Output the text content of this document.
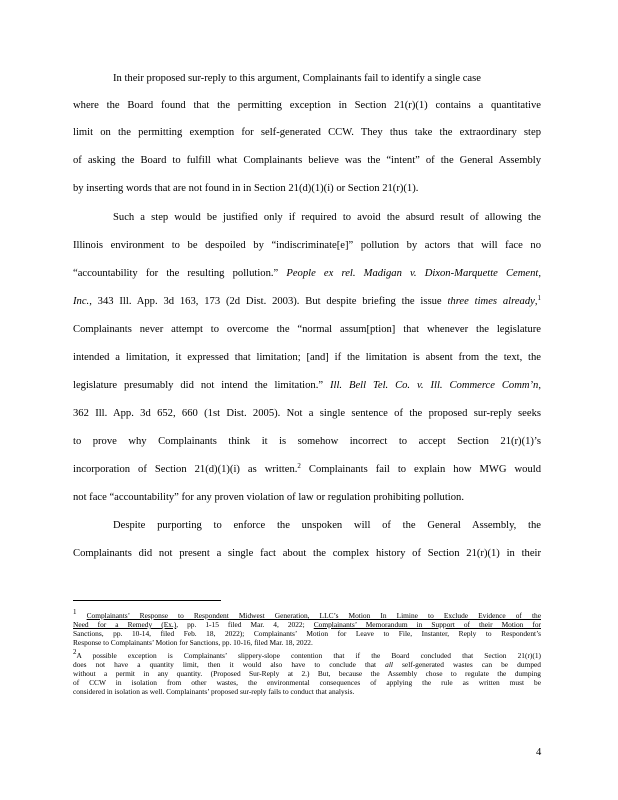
In their proposed sur-reply to this argument, Complainants fail to identify a single case
where the Board found that the permitting exception in Section 21(r)(1) contains a quantitative
limit on the permitting exemption for self-generated CCW. They thus take the extraordinary step
of asking the Board to fulfill what Complainants believe was the “intent” of the General Assembly
by inserting words that are not found in in Section 21(d)(1)(i) or Section 21(r)(1).
Such a step would be justified only if required to avoid the absurd result of allowing the
Illinois environment to be despoiled by “indiscriminate[e]” pollution by actors that will face no
“accountability for the resulting pollution.” People ex rel. Madigan v. Dixon-Marquette Cement,
Inc., 343 Ill. App. 3d 163, 173 (2d Dist. 2003). But despite briefing the issue three times already,$^1$
Complainants never attempt to overcome the “normal assum[ption] that whenever the legislature
intended a limitation, it expressed that limitation; [and] if the limitation is absent from the text, the
legislature presumably did not intend the limitation.” Ill. Bell Tel. Co. v. Ill. Commerce Comm’n,
362 Ill. App. 3d 652, 660 (1st Dist. 2005). Not a single sentence of the proposed sur-reply seeks
to prove why Complainants think it is somehow incorrect to accept Section 21(r)(1)’s
incorporation of Section 21(d)(1)(i) as written.$^2$ Complainants fail to explain how MWG would
not face “accountability” for any proven violation of law or regulation prohibiting pollution.
Despite purporting to enforce the unspoken will of the General Assembly, the
Complainants did not present a single fact about the complex history of Section 21(r)(1) in their
$^1$ Complainants’ Response to Respondent Midwest Generation, LLC’s Motion In Limine to Exclude Evidence of the
Need for a Remedy (Ex.), pp. 1-15 filed Mar. 4, 2022; Complainants’ Memorandum in Support of their Motion for
Sanctions, pp. 10-14, filed Feb. 18, 2022); Complainants’ Motion for Leave to File, Instanter, Reply to Respondent’s
Response to Complainants’ Motion for Sanctions, pp. 10-16, filed Mar. 18, 2022.
$^2$A possible exception is Complainants’ slippery-slope contention that if the Board concluded that Section 21(r)(1)
does not have a quantity limit, then it would also have to conclude that all self-generated wastes can be dumped
without a permit in any quantity. (Proposed Sur-Reply at 2.) But, because the Assembly chose to regulate the dumping
of CCW in isolation from other wastes, the environmental consequences of applying the rule as written must be
considered in isolation as well. Complainants’ proposed sur-reply fails to conduct that analysis.
4
